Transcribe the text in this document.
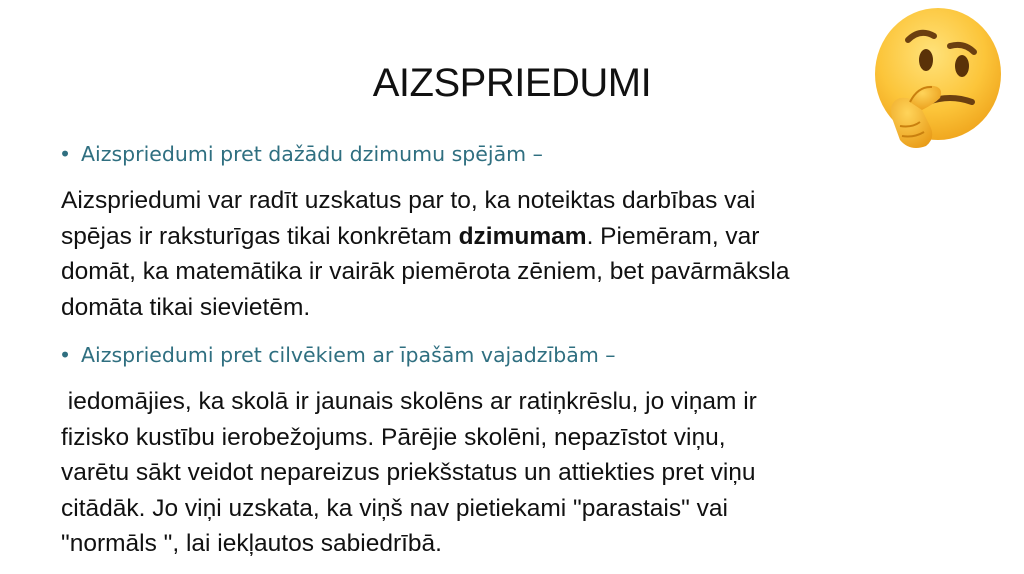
AIZSPRIEDUMI
• Aizspriedumi pret dažādu dzimumu spējām –
Aizspriedumi var radīt uzskatus par to, ka noteiktas darbības vai
spējas ir raksturīgas tikai konkrētam dzimumam. Piemēram, var
domāt, ka matemātika ir vairāk piemērota zēniem, bet pavārmāksla
domāta tikai sievietēm.
• Aizspriedumi pret cilvēkiem ar īpašām vajadzībām –
iedomājies, ka skolā ir jaunais skolēns ar ratiņkrēslu, jo viņam ir
fizisko kustību ierobežojums. Pārējie skolēni, nepazīstot viņu,
varētu sākt veidot nepareizus priekšstatus un attiekties pret viņu
citādāk. Jo viņi uzskata, ka viņš nav pietiekami "parastais" vai
"normāls ", lai iekļautos sabiedrībā.
